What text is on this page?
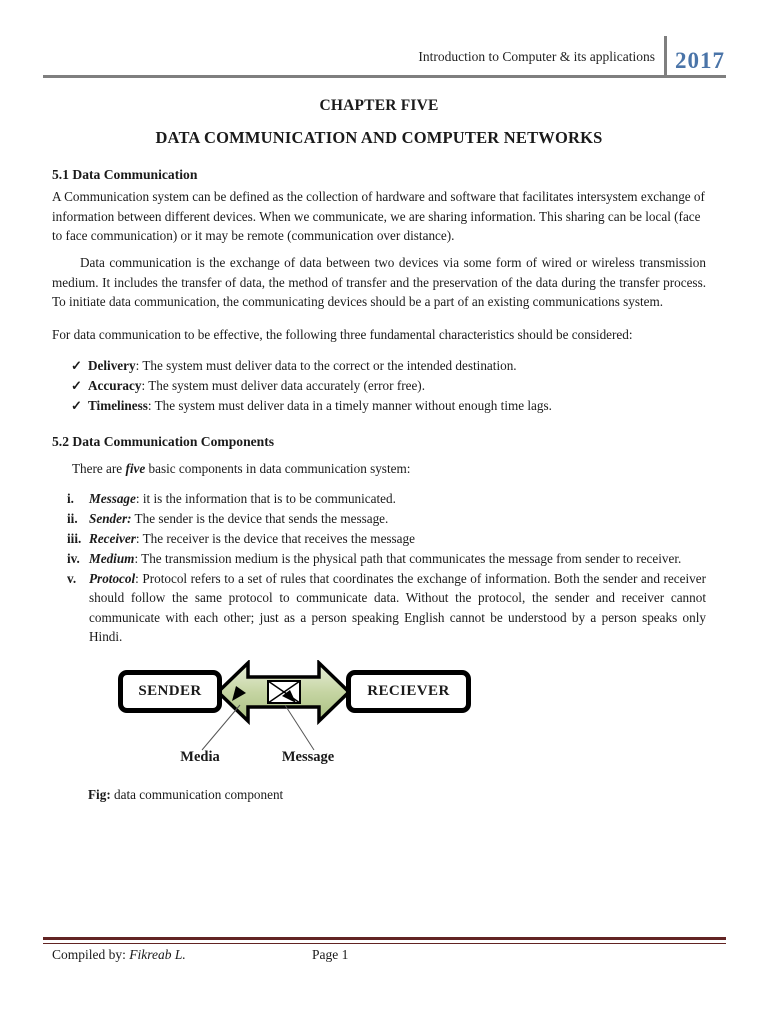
Introduction to Computer & its applications 2017
CHAPTER FIVE
DATA COMMUNICATION AND COMPUTER NETWORKS
5.1 Data Communication
A Communication system can be defined as the collection of hardware and software that facilitates intersystem exchange of information between different devices. When we communicate, we are sharing information. This sharing can be local (face to face communication) or it may be remote (communication over distance).
Data communication is the exchange of data between two devices via some form of wired or wireless transmission medium. It includes the transfer of data, the method of transfer and the preservation of the data during the transfer process. To initiate data communication, the communicating devices should be a part of an existing communications system.
For data communication to be effective, the following three fundamental characteristics should be considered:
✓ Delivery: The system must deliver data to the correct or the intended destination.
✓ Accuracy: The system must deliver data accurately (error free).
✓ Timeliness: The system must deliver data in a timely manner without enough time lags.
5.2 Data Communication Components
There are five basic components in data communication system:
i. Message: it is the information that is to be communicated.
ii. Sender: The sender is the device that sends the message.
iii. Receiver: The receiver is the device that receives the message
iv. Medium: The transmission medium is the physical path that communicates the message from sender to receiver.
v. Protocol: Protocol refers to a set of rules that coordinates the exchange of information. Both the sender and receiver should follow the same protocol to communicate data. Without the protocol, the sender and receiver cannot communicate with each other; just as a person speaking English cannot be understood by a person speaks only Hindi.
SENDER	RECIEVER
Media	Message
Fig: data communication component
Compiled by: Fikreab L.	Page 1
